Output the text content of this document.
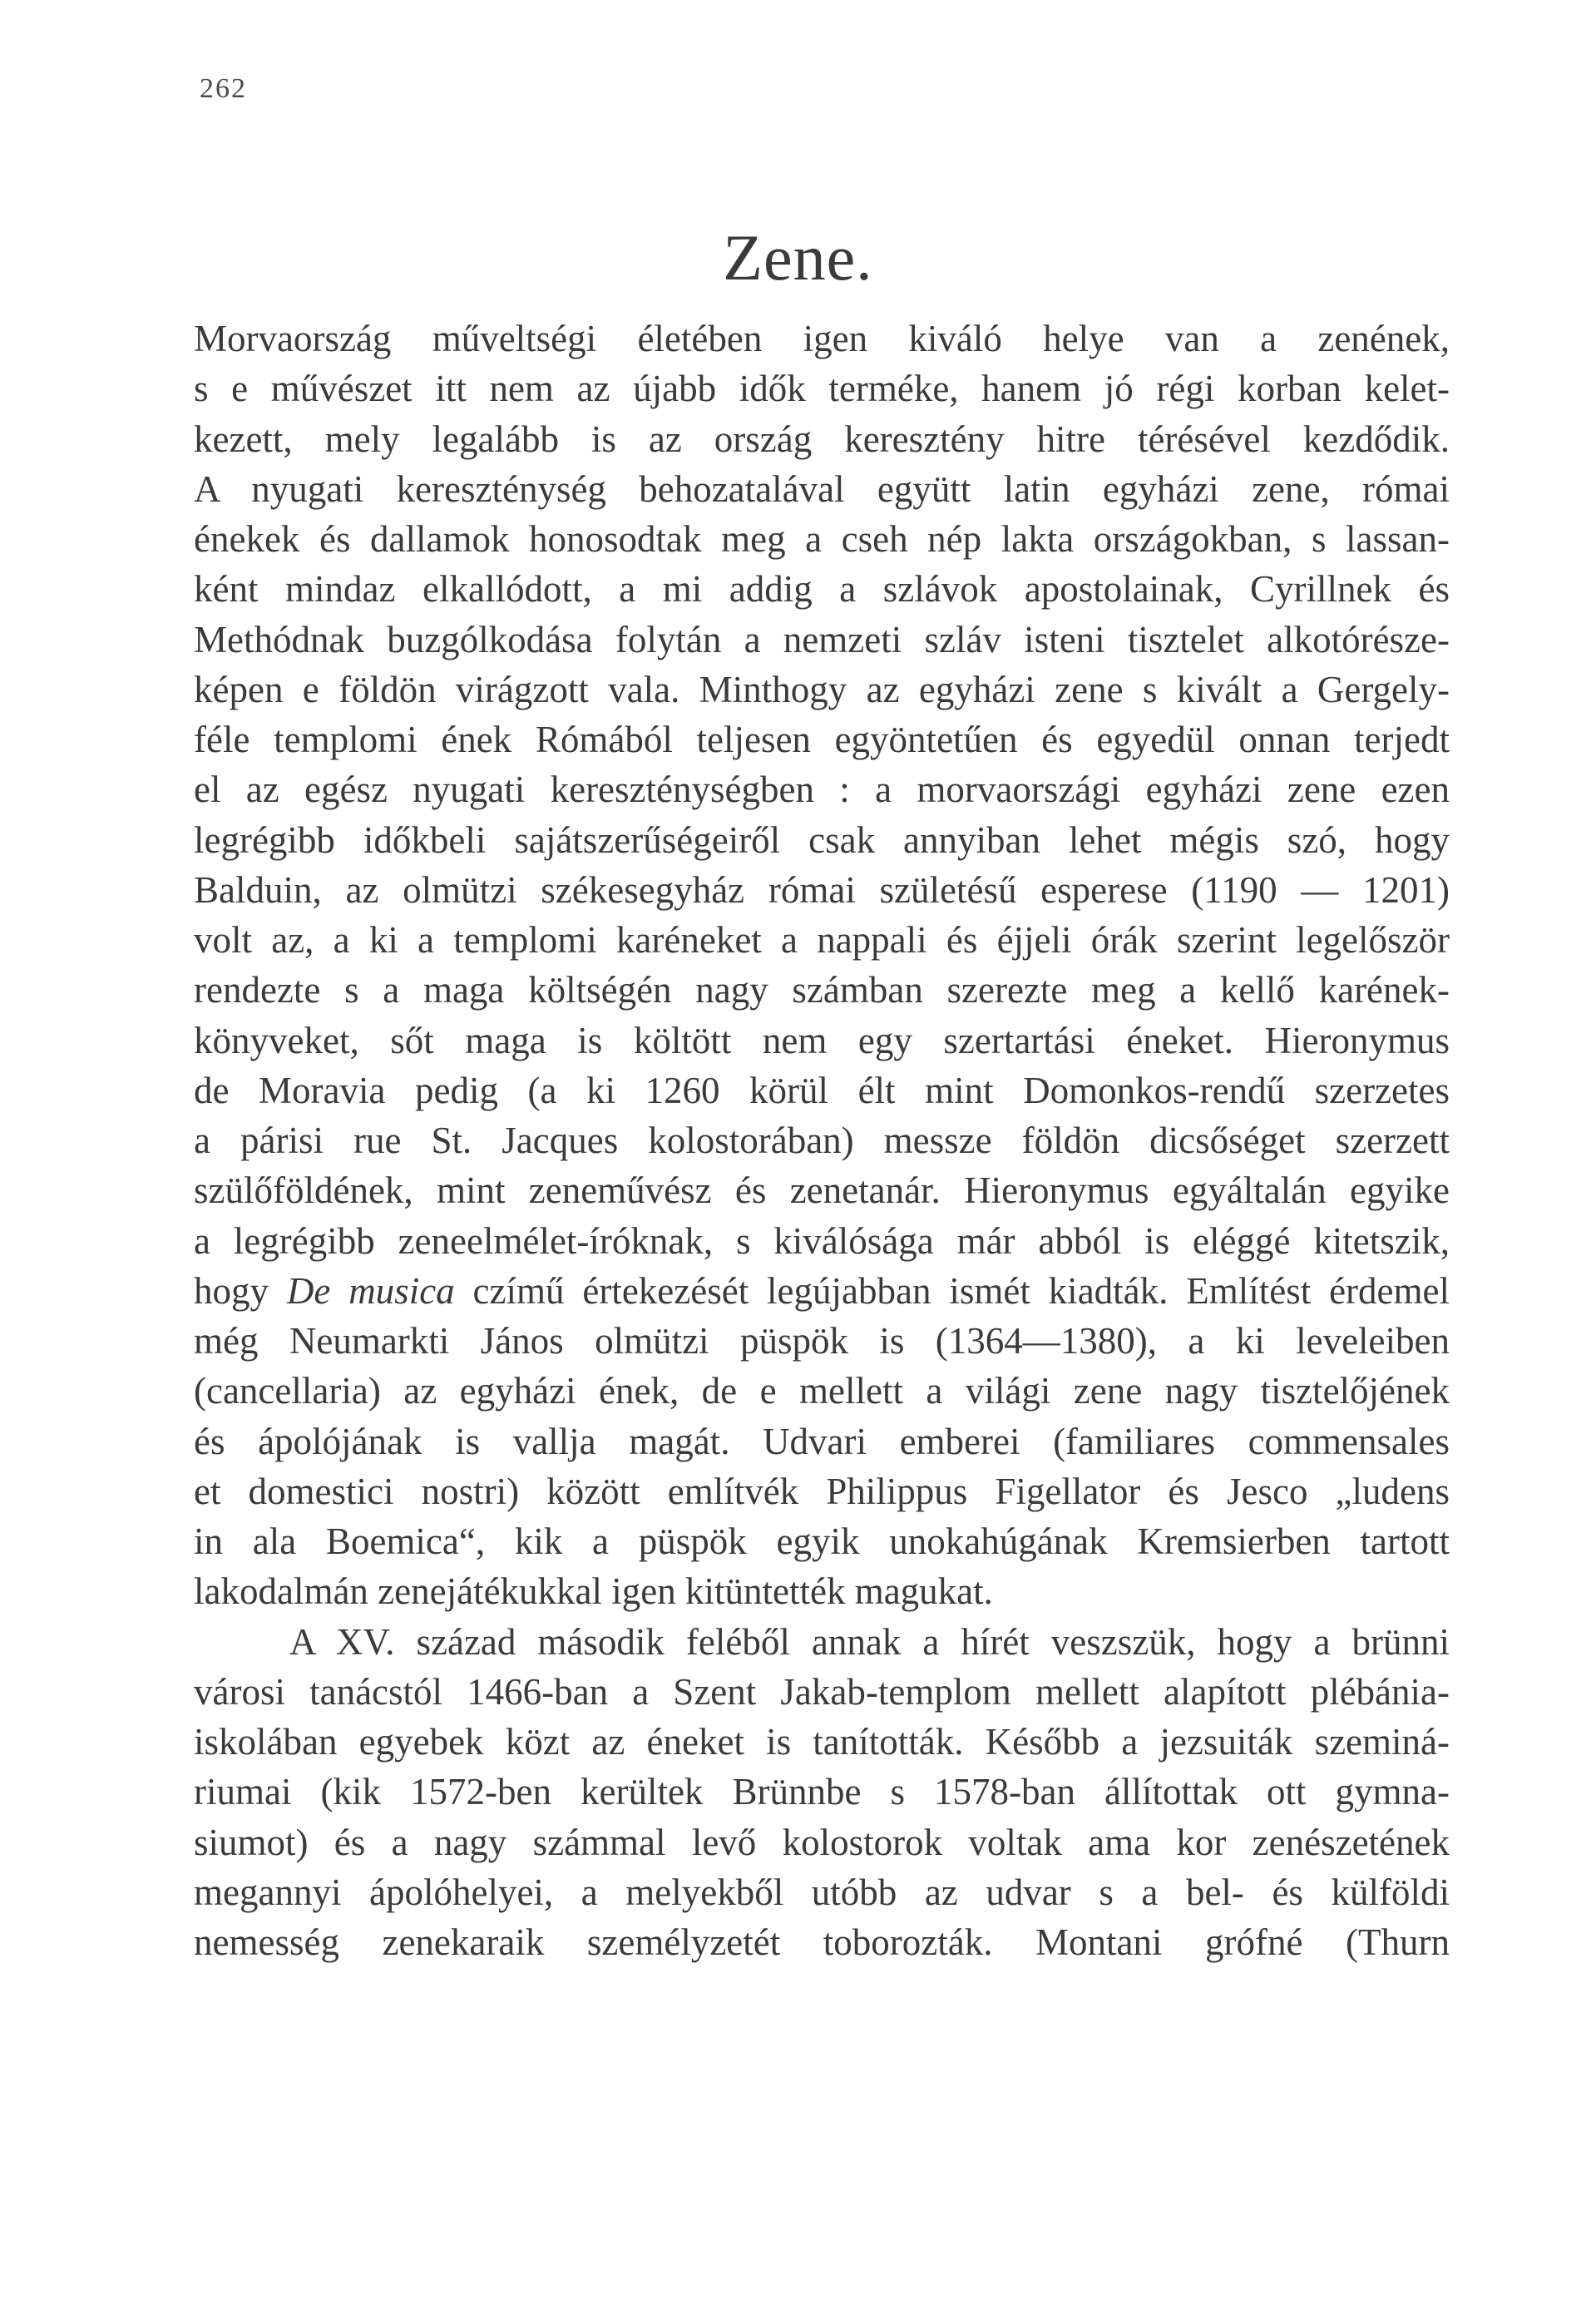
262
Zene.
Morvaország műveltségi életében igen kiváló helye van a zenének,
s e művészet itt nem az újabb idők terméke, hanem jó régi korban kelet-
kezett, mely legalább is az ország keresztény hitre térésével kezdődik.
A nyugati kereszténység behozatalával együtt latin egyházi zene, római
énekek és dallamok honosodtak meg a cseh nép lakta országokban, s lassan-
ként mindaz elkallódott, a mi addig a szlávok apostolainak, Cyrillnek és
Methódnak buzgólkodása folytán a nemzeti szláv isteni tisztelet alkotórésze-
képen e földön virágzott vala. Minthogy az egyházi zene s kivált a Gergely-
féle templomi ének Rómából teljesen egyöntetűen és egyedül onnan terjedt
el az egész nyugati kereszténységben : a morvaországi egyházi zene ezen
legrégibb időkbeli sajátszerűségeiről csak annyiban lehet mégis szó, hogy
Balduin, az olmützi székesegyház római születésű esperese (1190 — 1201)
volt az, a ki a templomi karéneket a nappali és éjjeli órák szerint legelőször
rendezte s a maga költségén nagy számban szerezte meg a kellő karének-
könyveket, sőt maga is költött nem egy szertartási éneket. Hieronymus
de Moravia pedig (a ki 1260 körül élt mint Domonkos-rendű szerzetes
a párisi rue St. Jacques kolostorában) messze földön dicsőséget szerzett
szülőföldének, mint zeneművész és zenetanár. Hieronymus egyáltalán egyike
a legrégibb zeneelmélet-íróknak, s kiválósága már abból is eléggé kitetszik,
hogy De musica czímű értekezését legújabban ismét kiadták. Említést érdemel
még Neumarkti János olmützi püspök is (1364—1380), a ki leveleiben
(cancellaria) az egyházi ének, de e mellett a világi zene nagy tisztelőjének
és ápolójának is vallja magát. Udvari emberei (familiares commensales
et domestici nostri) között említvék Philippus Figellator és Jesco „ludens
in ala Boemica“, kik a püspök egyik unokahúgának Kremsierben tartott
lakodalmán zenejátékukkal igen kitüntették magukat.
A XV. század második feléből annak a hírét veszszük, hogy a brünni
városi tanácstól 1466-ban a Szent Jakab-templom mellett alapított plébánia-
iskolában egyebek közt az éneket is tanították. Később a jezsuiták szeminá-
riumai (kik 1572-ben kerültek Brünnbe s 1578-ban állítottak ott gymna-
siumot) és a nagy számmal levő kolostorok voltak ama kor zenészetének
megannyi ápolóhelyei, a melyekből utóbb az udvar s a bel- és külföldi
nemesség zenekaraik személyzetét toborozták. Montani grófné (Thurn
